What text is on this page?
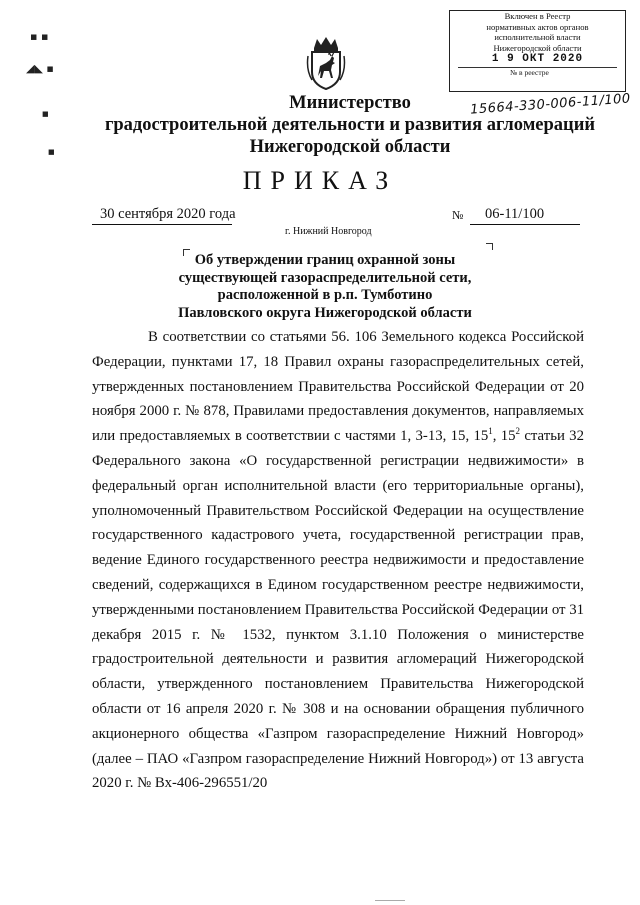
Включен в Реестр
нормативных актов органов
исполнительной власти
Нижегородской области
1 9 ОКТ 2020
№ в реестре
15664-330-006-11/100
▪ ▪
◢◣ ▪
■
■
Министерство
градостроительной деятельности и развития агломераций
Нижегородской области
ПРИКАЗ
30 сентября 2020 года
г. Нижний Новгород
№ 06-11/100
Об утверждении границ охранной зоны
существующей газораспределительной сети,
расположенной в р.п. Тумботино
Павловского округа Нижегородской области

В соответствии со статьями 56. 106 Земельного кодекса Российской Федерации, пунктами 17, 18 Правил охраны газораспределительных сетей, утвержденных постановлением Правительства Российской Федерации от 20 ноября 2000 г. № 878, Правилами предоставления документов, направляемых или предоставляемых в соответствии с частями 1, 3-13, 15, $15^1$, $15^2$ статьи 32 Федерального закона «О государственной регистрации недвижимости» в федеральный орган исполнительной власти (его территориальные органы), уполномоченный Правительством Российской Федерации на осуществление государственного кадастрового учета, государственной регистрации прав, ведение Единого государственного реестра недвижимости и предоставление сведений, содержащихся в Едином государственном реестре недвижимости, утвержденными постановлением Правительства Российской Федерации от 31 декабря 2015 г. № 1532, пунктом 3.1.10 Положения о министерстве градостроительной деятельности и развития агломераций Нижегородской области, утвержденного постановлением Правительства Нижегородской области от 16 апреля 2020 г. № 308 и на основании обращения публичного акционерного общества «Газпром газораспределение Нижний Новгород» (далее – ПАО «Газпром газораспределение Нижний Новгород») от 13 августа 2020 г. № Вх-406-296551/20
